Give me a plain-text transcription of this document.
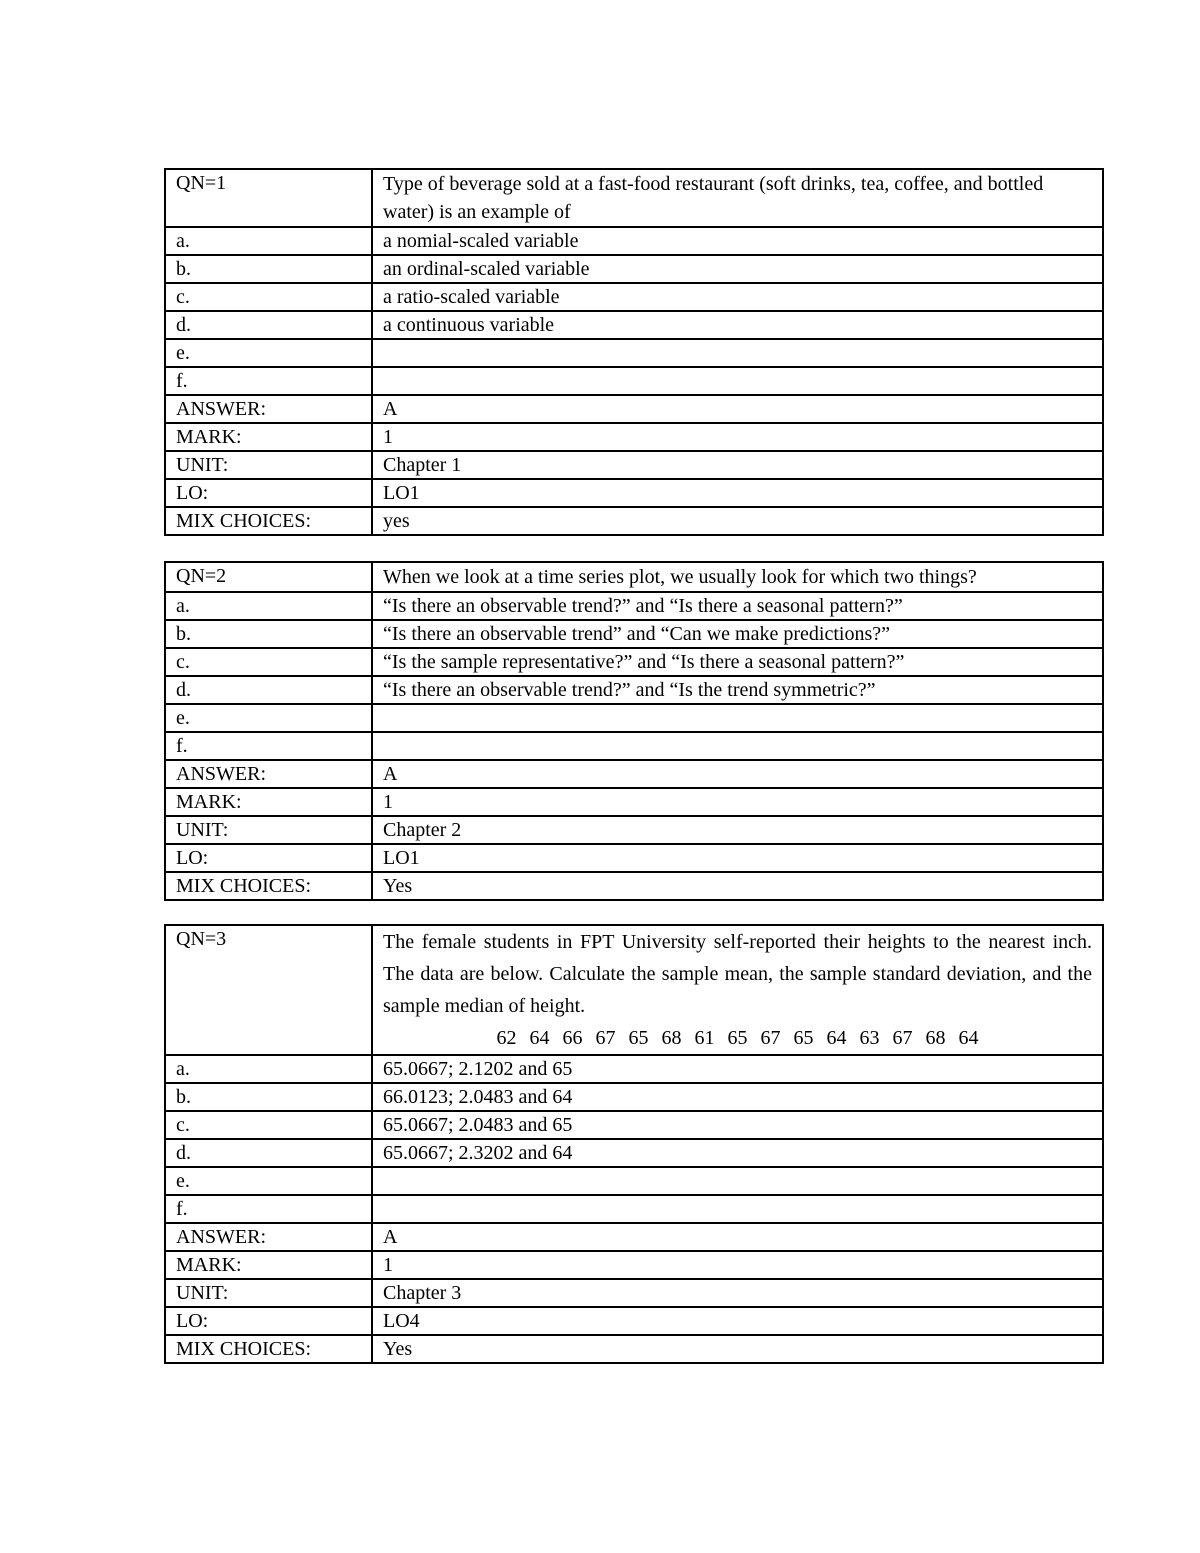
QN=1	Type of beverage sold at a fast-food restaurant (soft drinks, tea, coffee, and bottled water) is an example of
a.	a nomial-scaled variable
b.	an ordinal-scaled variable
c.	a ratio-scaled variable
d.	a continuous variable
e.	
f.	
ANSWER:	A
MARK:	1
UNIT:	Chapter 1
LO:	LO1
MIX CHOICES:	yes
QN=2	When we look at a time series plot, we usually look for which two things?
a.	“Is there an observable trend?” and “Is there a seasonal pattern?”
b.	“Is there an observable trend” and “Can we make predictions?”
c.	“Is the sample representative?” and “Is there a seasonal pattern?”
d.	“Is there an observable trend?” and “Is the trend symmetric?”
e.	
f.	
ANSWER:	A
MARK:	1
UNIT:	Chapter 2
LO:	LO1
MIX CHOICES:	Yes
QN=3	The female students in FPT University self-reported their heights to the nearest inch. The data are below. Calculate the sample mean, the sample standard deviation, and the sample median of height.
62 64 66 67 65 68 61 65 67 65 64 63 67 68 64

a.	65.0667; 2.1202 and 65
b.	66.0123; 2.0483 and 64
c.	65.0667; 2.0483 and 65
d.	65.0667; 2.3202 and 64
e.	
f.	
ANSWER:	A
MARK:	1
UNIT:	Chapter 3
LO:	LO4
MIX CHOICES:	Yes
